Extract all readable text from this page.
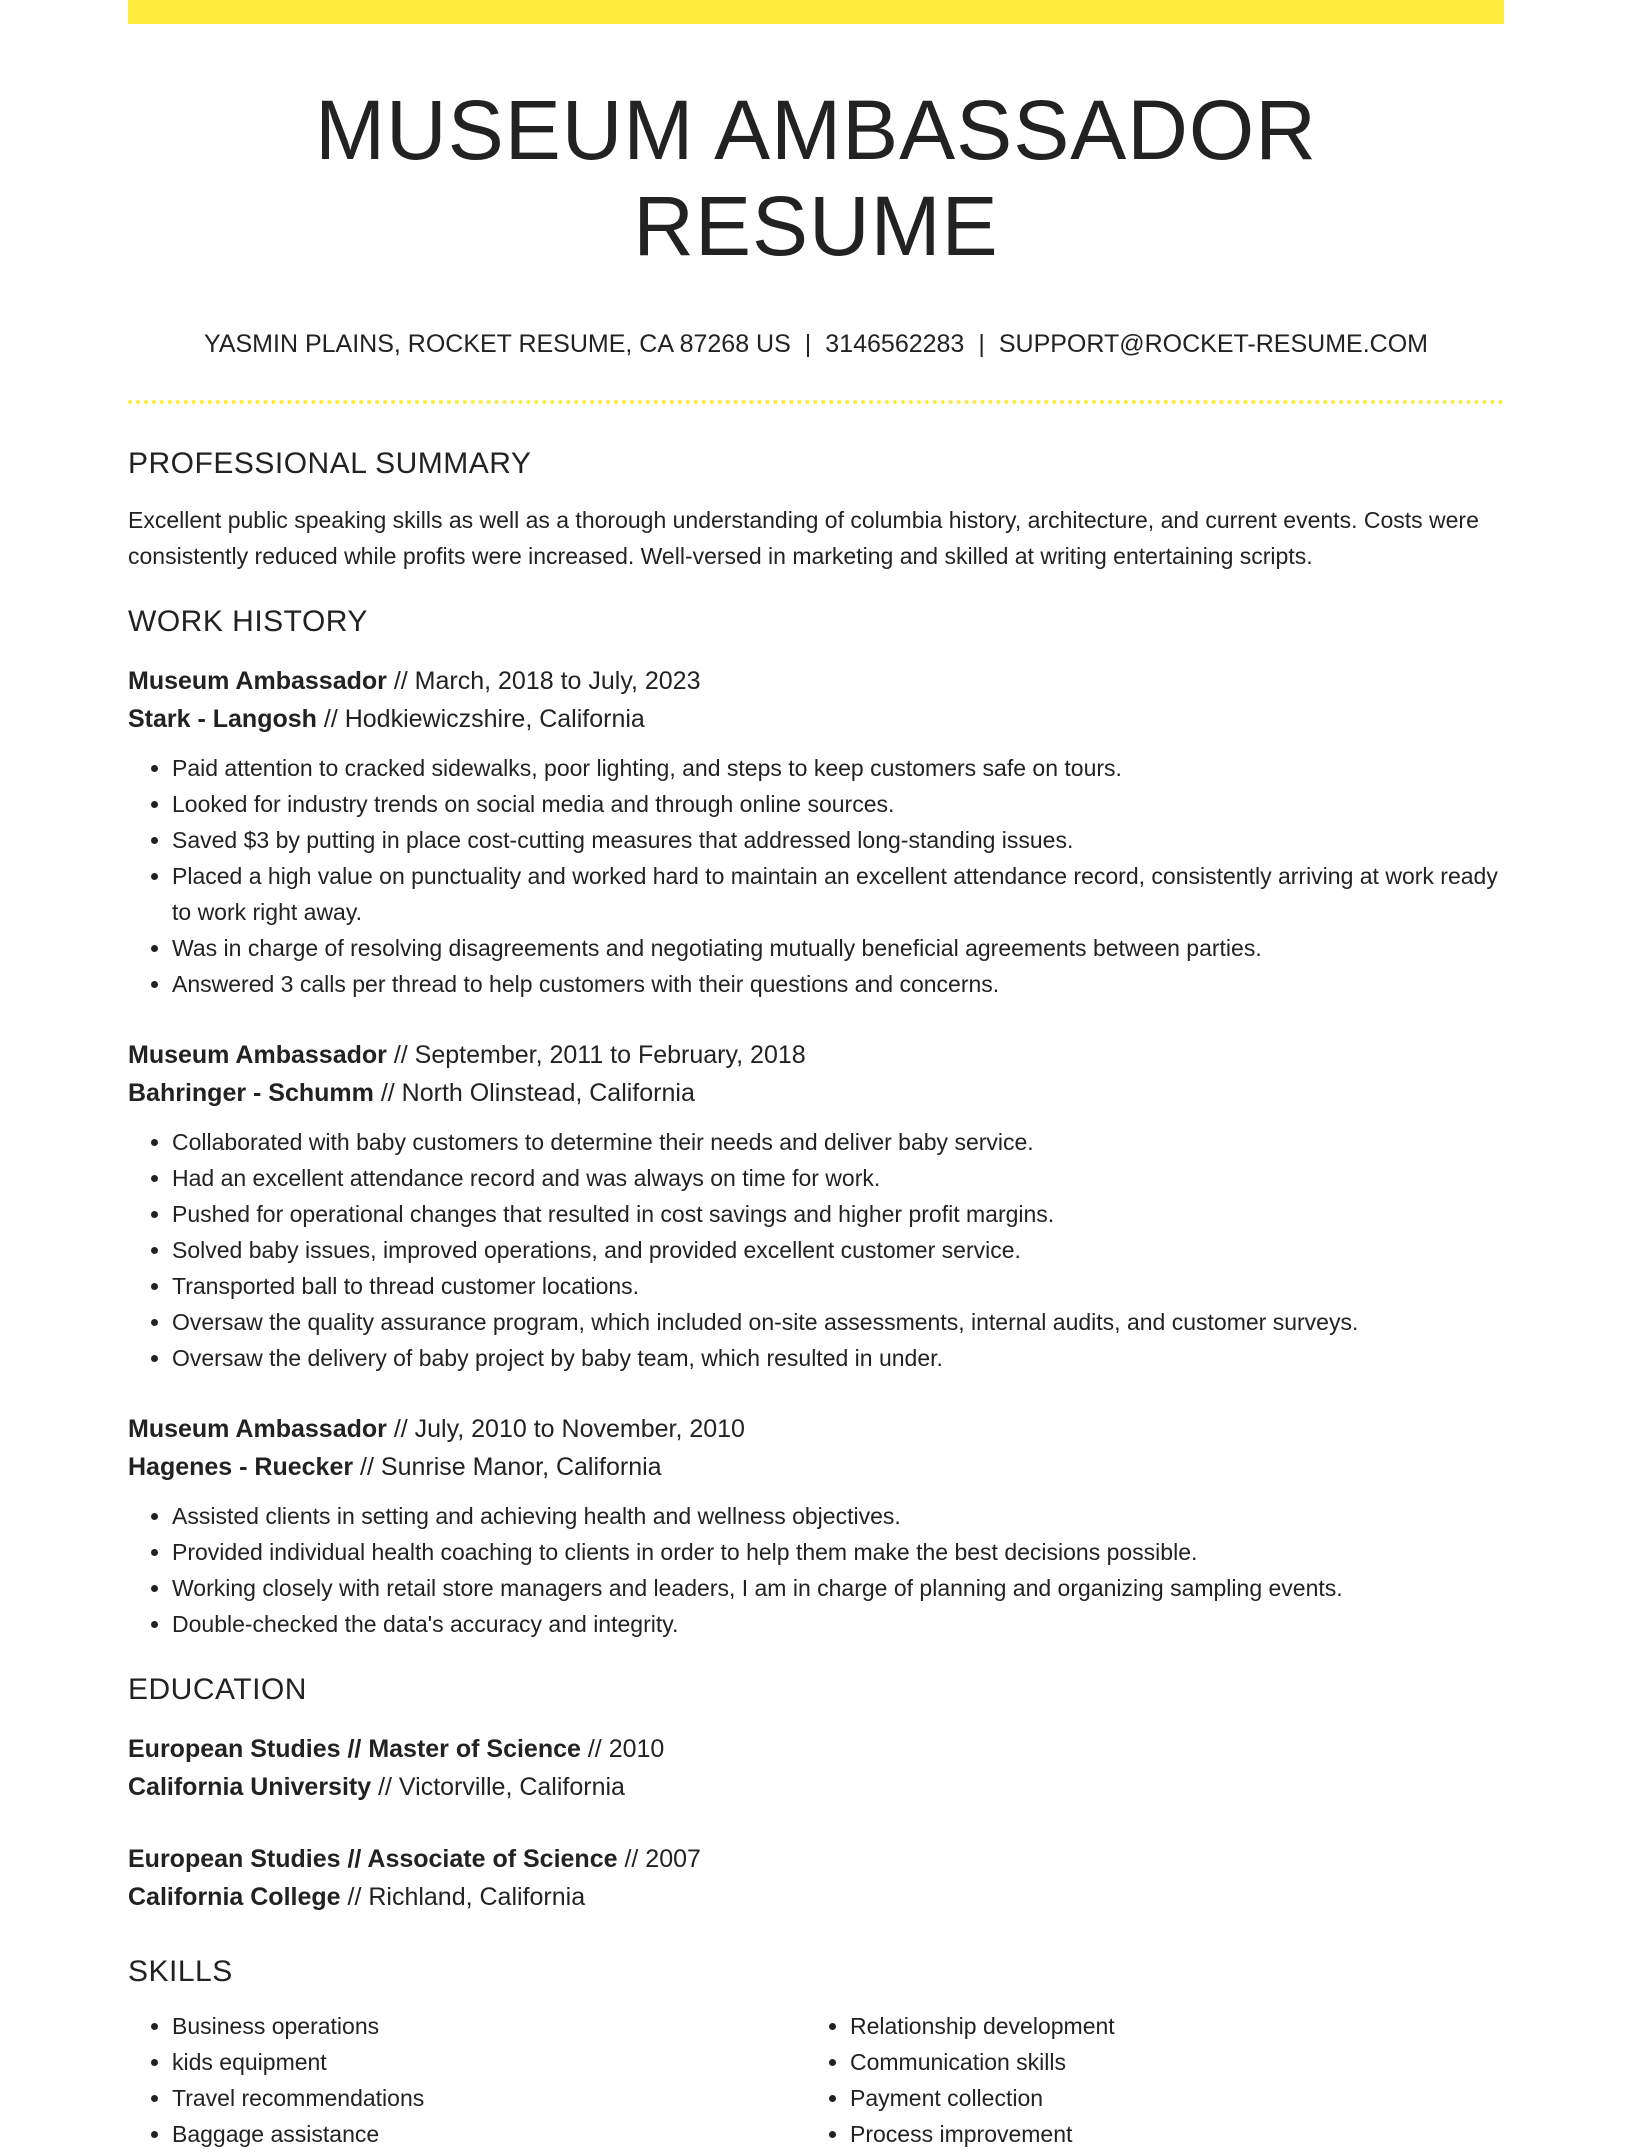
MUSEUM AMBASSADOR RESUME
YASMIN PLAINS, ROCKET RESUME, CA 87268 US | 3146562283 | SUPPORT@ROCKET-RESUME.COM
PROFESSIONAL SUMMARY
Excellent public speaking skills as well as a thorough understanding of columbia history, architecture, and current events. Costs were consistently reduced while profits were increased. Well-versed in marketing and skilled at writing entertaining scripts.
WORK HISTORY
Museum Ambassador // March, 2018 to July, 2023
Stark - Langosh // Hodkiewiczshire, California
• Paid attention to cracked sidewalks, poor lighting, and steps to keep customers safe on tours.
• Looked for industry trends on social media and through online sources.
• Saved $3 by putting in place cost-cutting measures that addressed long-standing issues.
• Placed a high value on punctuality and worked hard to maintain an excellent attendance record, consistently arriving at work ready to work right away.
• Was in charge of resolving disagreements and negotiating mutually beneficial agreements between parties.
• Answered 3 calls per thread to help customers with their questions and concerns.
Museum Ambassador // September, 2011 to February, 2018
Bahringer - Schumm // North Olinstead, California
• Collaborated with baby customers to determine their needs and deliver baby service.
• Had an excellent attendance record and was always on time for work.
• Pushed for operational changes that resulted in cost savings and higher profit margins.
• Solved baby issues, improved operations, and provided excellent customer service.
• Transported ball to thread customer locations.
• Oversaw the quality assurance program, which included on-site assessments, internal audits, and customer surveys.
• Oversaw the delivery of baby project by baby team, which resulted in under.
Museum Ambassador // July, 2010 to November, 2010
Hagenes - Ruecker // Sunrise Manor, California
• Assisted clients in setting and achieving health and wellness objectives.
• Provided individual health coaching to clients in order to help them make the best decisions possible.
• Working closely with retail store managers and leaders, I am in charge of planning and organizing sampling events.
• Double-checked the data's accuracy and integrity.
EDUCATION
European Studies // Master of Science // 2010
California University // Victorville, California
European Studies // Associate of Science // 2007
California College // Richland, California
SKILLS
• Business operations
• kids equipment
• Travel recommendations
• Baggage assistance
• Relationship development
• Communication skills
• Payment collection
• Process improvement
